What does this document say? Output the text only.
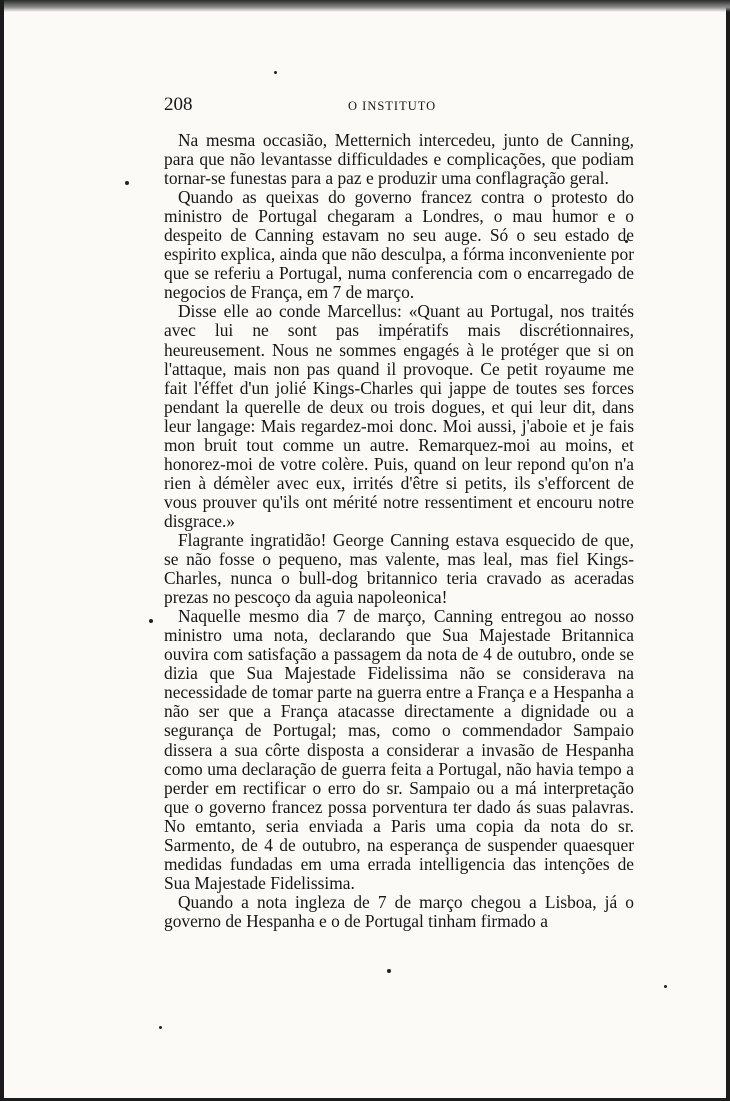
208	O INSTITUTO

Na mesma occasião, Metternich intercedeu, junto de Canning, para que não levantasse difficuldades e complicações, que podiam tornar-se funestas para a paz e produzir uma conflagração geral.

Quando as queixas do governo francez contra o protesto do ministro de Portugal chegaram a Londres, o mau humor e o despeito de Canning estavam no seu auge. Só o seu estado de espirito explica, ainda que não desculpa, a fórma inconveniente por que se referiu a Portugal, numa conferencia com o encarregado de negocios de França, em 7 de março.

Disse elle ao conde Marcellus: «Quant au Portugal, nos traités avec lui ne sont pas impératifs mais discrétionnaires, heureusement. Nous ne sommes engagés à le protéger que si on l'attaque, mais non pas quand il provoque. Ce petit royaume me fait l'éffet d'un jolié Kings-Charles qui jappe de toutes ses forces pendant la querelle de deux ou trois dogues, et qui leur dit, dans leur langage: Mais regardez-moi donc. Moi aussi, j'aboie et je fais mon bruit tout comme un autre. Remarquez-moi au moins, et honorez-moi de votre colère. Puis, quand on leur repond qu'on n'a rien à démèler avec eux, irrités d'être si petits, ils s'efforcent de vous prouver qu'ils ont mérité notre ressentiment et encouru notre disgrace.»

Flagrante ingratidão! George Canning estava esquecido de que, se não fosse o pequeno, mas valente, mas leal, mas fiel Kings-Charles, nunca o bull-dog britannico teria cravado as aceradas prezas no pescoço da aguia napoleonica!

Naquelle mesmo dia 7 de março, Canning entregou ao nosso ministro uma nota, declarando que Sua Majestade Britannica ouvira com satisfação a passagem da nota de 4 de outubro, onde se dizia que Sua Majestade Fidelissima não se considerava na necessidade de tomar parte na guerra entre a França e a Hespanha a não ser que a França atacasse directamente a dignidade ou a segurança de Portugal; mas, como o commendador Sampaio dissera a sua côrte disposta a considerar a invasão de Hespanha como uma declaração de guerra feita a Portugal, não havia tempo a perder em rectificar o erro do sr. Sampaio ou a má interpretação que o governo francez possa porventura ter dado ás suas palavras. No emtanto, seria enviada a Paris uma copia da nota do sr. Sarmento, de 4 de outubro, na esperança de suspender quaesquer medidas fundadas em uma errada intelligencia das intenções de Sua Majestade Fidelissima.

Quando a nota ingleza de 7 de março chegou a Lisboa, já o governo de Hespanha e o de Portugal tinham firmado a
